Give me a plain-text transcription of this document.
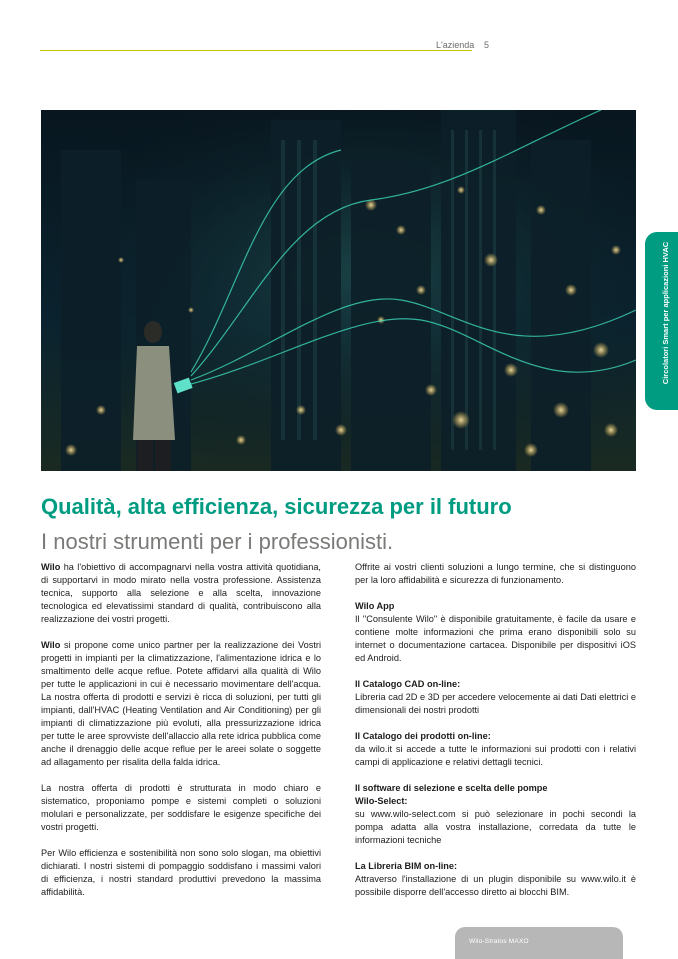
L'azienda 5
Circolatori Smart per applicazioni HVAC
Qualità, alta efficienza, sicurezza per il futuro
I nostri strumenti per i professionisti.

Wilo ha l'obiettivo di accompagnarvi nella vostra attività quotidiana, di supportarvi in modo mirato nella vostra professione. Assistenza tecnica, supporto alla selezione e alla scelta, innovazione tecnologica ed elevatissimi standard di qualità, contribuiscono alla realizzazione dei vostri progetti.

Wilo si propone come unico partner per la realizzazione dei Vostri progetti in impianti per la climatizzazione, l'alimentazione idrica e lo smaltimento delle acque reflue. Potete affidarvi alla qualità di Wilo per tutte le applicazioni in cui è necessario movimentare dell'acqua. La nostra offerta di prodotti e servizi è ricca di soluzioni, per tutti gli impianti, dall'HVAC (Heating Ventilation and Air Conditioning) per gli impianti di climatizzazione più evoluti, alla pressurizzazione idrica per tutte le aree sprovviste dell'allaccio alla rete idrica pubblica come anche il drenaggio delle acque reflue per le areei solate o soggette ad allagamento per risalita della falda idrica.

La nostra offerta di prodotti è strutturata in modo chiaro e sistematico, proponiamo pompe e sistemi completi o soluzioni molulari e personalizzate, per soddisfare le esigenze specifiche dei vostri progetti.

Per Wilo efficienza e sostenibilità non sono solo slogan, ma obiettivi dichiarati. I nostri sistemi di pompaggio soddisfano i massimi valori di efficienza, i nostri standard produttivi prevedono la massima affidabilità.

Offrite ai vostri clienti soluzioni a lungo termine, che si distinguono per la loro affidabilità e sicurezza di funzionamento.

Wilo App
Il "Consulente Wilo" è disponibile gratuitamente, è facile da usare e contiene molte informazioni che prima erano disponibili solo su internet o documentazione cartacea. Disponibile per dispositivi iOS ed Android.

Il Catalogo CAD on-line:
Libreria cad 2D e 3D per accedere velocemente ai dati Dati elettrici e dimensionali dei nostri prodotti

Il Catalogo dei prodotti on-line:
da wilo.it si accede a tutte le informazioni sui prodotti con i relativi campi di applicazione e relativi dettagli tecnici.

Il software di selezione e scelta delle pompe
Wilo-Select:
su www.wilo-select.com si può selezionare in pochi secondi la pompa adatta alla vostra installazione, corredata da tutte le informazioni tecniche

La Libreria BIM on-line:
Attraverso l'installazione di un plugin disponibile su www.wilo.it è possibile disporre dell'accesso diretto ai blocchi BIM.

Wilo-Stratos MAXO
